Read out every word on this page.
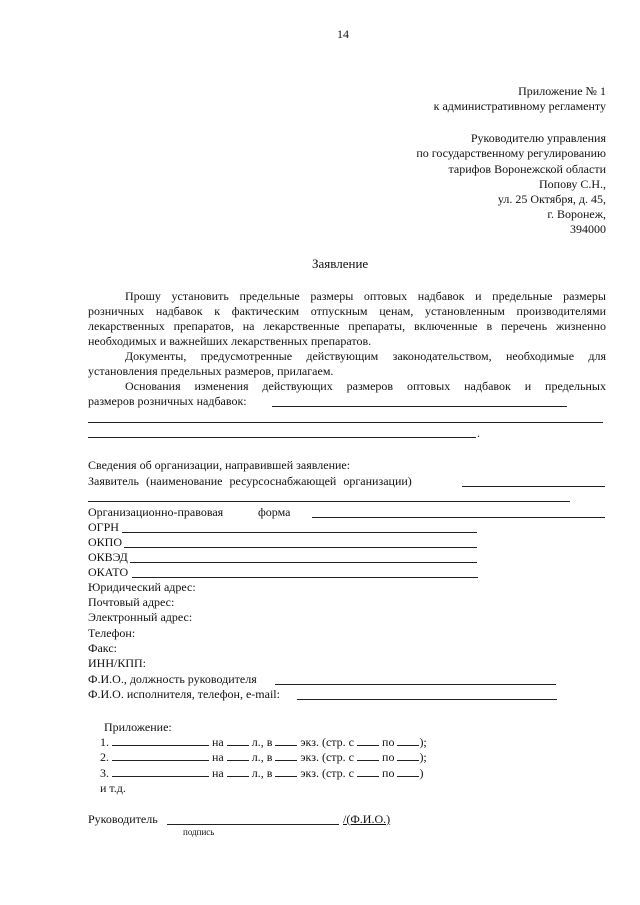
14
Приложение № 1
к административному регламенту
Руководителю управления
по государственному регулированию
тарифов Воронежской области
Попову С.Н.,
ул. 25 Октября, д. 45,
г. Воронеж,
394000
Заявление
Прошу установить предельные размеры оптовых надбавок и предельные размеры
розничных надбавок к фактическим отпускным ценам, установленным производителями
лекарственных препаратов, на лекарственные препараты, включенные в перечень жизненно
необходимых и важнейших лекарственных препаратов.
Документы, предусмотренные действующим законодательством, необходимые для
установления предельных размеров, прилагаем.
Основания изменения действующих размеров оптовых надбавок и предельных
размеров розничных надбавок:
.
Сведения об организации, направившей заявление:
Заявитель (наименование ресурсоснабжающей организации)
Организационно-правовая	форма
ОГРН
ОКПО
ОКВЭД
ОКАТО
Юридический адрес:
Почтовый адрес:
Электронный адрес:
Телефон:
Факс:
ИНН/КПП:
Ф.И.О., должность руководителя
Ф.И.О. исполнителя, телефон, e-mail:
Приложение:
1.	на л., в экз. (стр. с по );
2.	на л., в экз. (стр. с по );
3.	на л., в экз. (стр. с по )
и т.д.
Руководитель	/(Ф.И.О.)
подпись
